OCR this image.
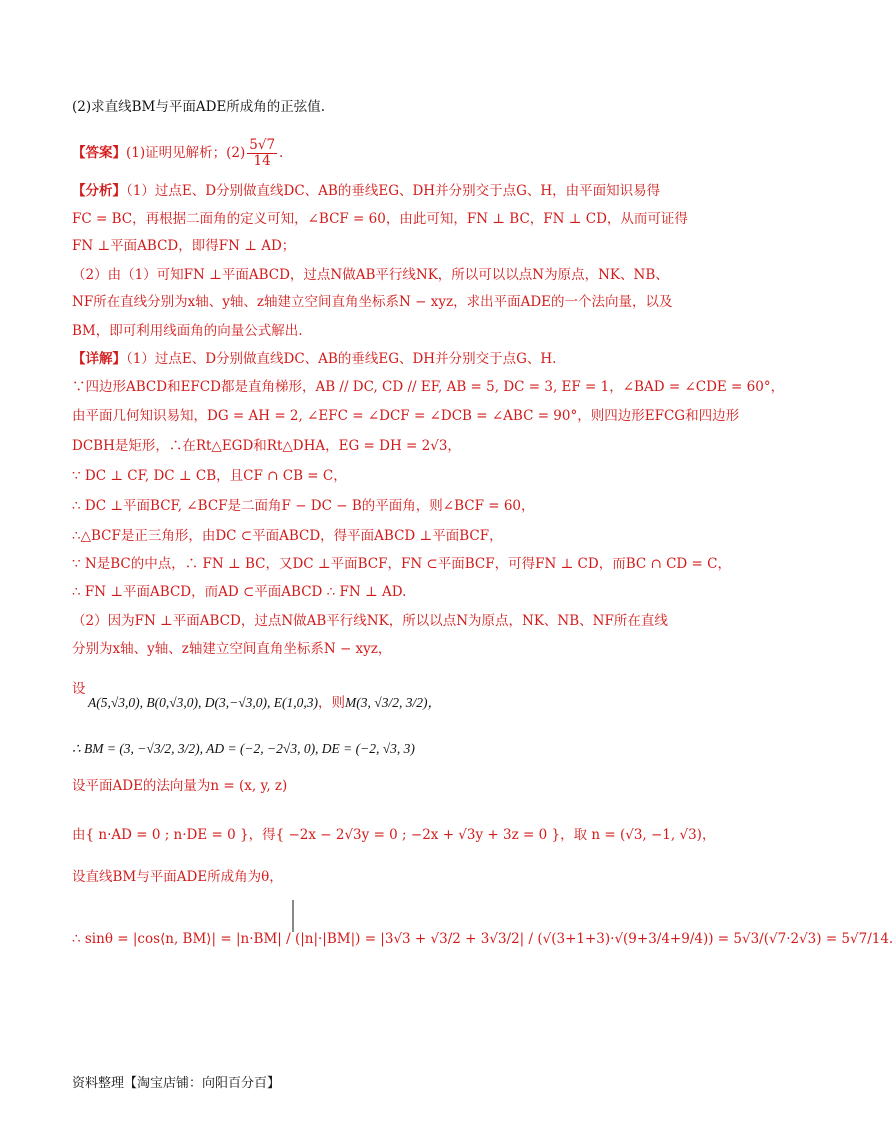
(2)求直线BM与平面ADE所成角的正弦值.
【答案】(1)证明见解析；$(2) \frac{5√7}{14}$ .
【分析】（1）过点E、D分别做直线DC、AB的垂线EG、DH并分别交于点G、H，由平面知识易得
FC = BC，再根据二面角的定义可知，∠BCF = 60，由此可知，FN ⊥ BC，FN ⊥ CD，从而可证得
FN ⊥平面ABCD，即得FN ⊥ AD；
（2）由（1）可知FN ⊥平面ABCD，过点N做AB平行线NK，所以可以以点N为原点，NK、NB、
NF所在直线分别为x轴、y轴、z轴建立空间直角坐标系N − xyz，求出平面ADE的一个法向量，以及
BM，即可利用线面角的向量公式解出.
【详解】（1）过点E、D分别做直线DC、AB的垂线EG、DH并分别交于点G、H.
∵四边形ABCD和EFCD都是直角梯形，AB // DC, CD // EF, AB = 5, DC = 3, EF = 1，∠BAD = ∠CDE = 60°，
由平面几何知识易知，DG = AH = 2, ∠EFC = ∠DCF = ∠DCB = ∠ABC = 90°，则四边形EFCG和四边形
DCBH是矩形，∴在Rt△EGD和Rt△DHA，EG = DH = 2√3，
∵ DC ⊥ CF, DC ⊥ CB，且CF ∩ CB = C，
∴ DC ⊥平面BCF, ∠BCF是二面角F − DC − B的平面角，则∠BCF = 60，
∴△BCF是正三角形，由DC ⊂平面ABCD，得平面ABCD ⊥平面BCF，
∵ N是BC的中点，∴ FN ⊥ BC，又DC ⊥平面BCF，FN ⊂平面BCF，可得FN ⊥ CD，而BC ∩ CD = C，
∴ FN ⊥平面ABCD，而AD ⊂平面ABCD ∴ FN ⊥ AD.
（2）因为FN ⊥平面ABCD，过点N做AB平行线NK，所以以点N为原点，NK、NB、NF所在直线
分别为x轴、y轴、z轴建立空间直角坐标系N − xyz，
设
A(5,√3,0), B(0,√3,0), D(3,−√3,0), E(1,0,3)，则M(3, √3/2, 3/2)，
∴ BM = (3, −√3/2, 3/2), AD = (−2, −2√3, 0), DE = (−2, √3, 3)
设平面ADE的法向量为n = (x, y, z)
由{ n·AD = 0 ; n·DE = 0 }，得{ −2x − 2√3y = 0 ; −2x + √3y + 3z = 0 }，取 n = (√3, −1, √3)，
设直线BM与平面ADE所成角为θ，
∴ sinθ = |cos⟨n, BM⟩| = |n·BM| / (|n|·|BM|) = |3√3 + √3/2 + 3√3/2| / (√(3+1+3)·√(9+3/4+9/4)) = 5√3/(√7·2√3) = 5√7/14.
资料整理【淘宝店铺：向阳百分百】
